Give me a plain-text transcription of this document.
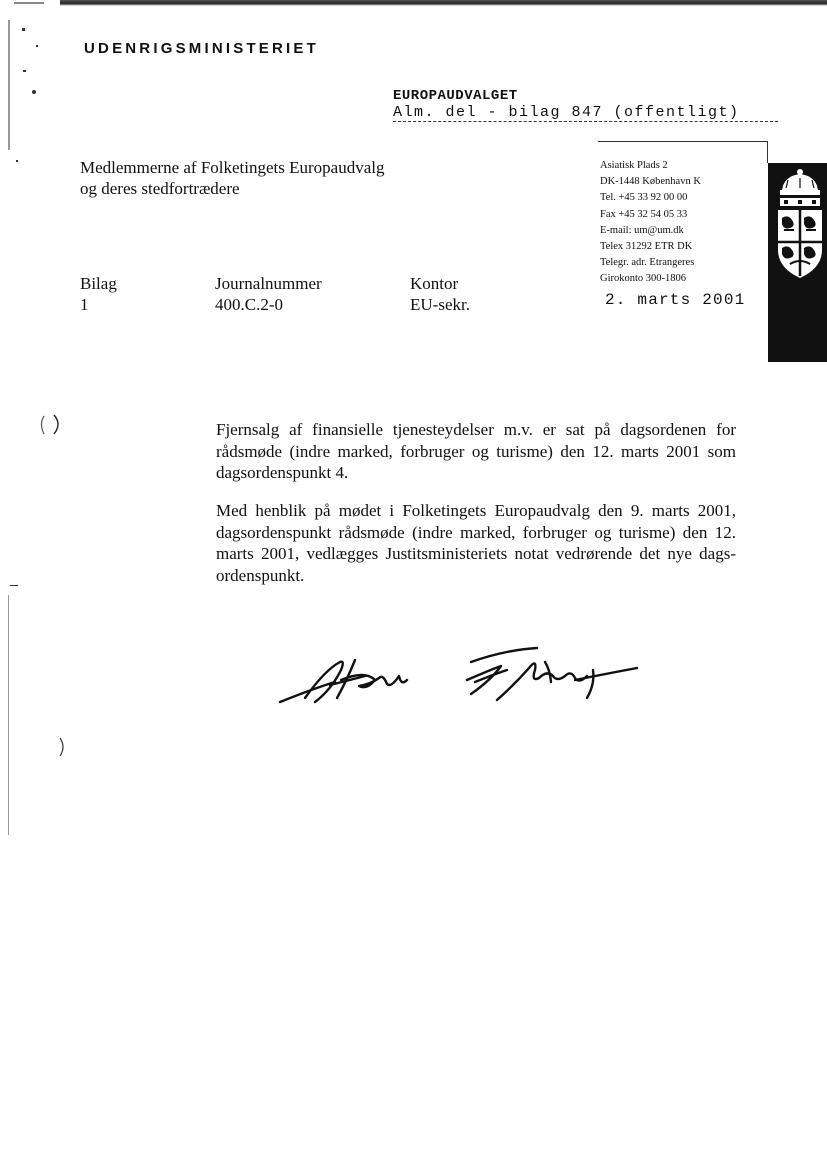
UDENRIGSMINISTERIET
EUROPAUDVALGET
Alm. del - bilag 847 (offentligt)
Medlemmerne af Folketingets Europaudvalg
og deres stedfortrædere
Asiatisk Plads 2
DK-1448 København K
Tel. +45 33 92 00 00
Fax +45 32 54 05 33
E-mail: um@um.dk
Telex 31292 ETR DK
Telegr. adr. Etrangeres
Girokonto 300-1806
Bilag
1
Journalnummer
400.C.2-0
Kontor
EU-sekr.	2. marts 2001
Fjernsalg af finansielle tjenesteydelser m.v. er sat på dagsordenen for
rådsmøde (indre marked, forbruger og turisme) den 12. marts 2001 som
dagsordenspunkt 4.
Med henblik på mødet i Folketingets Europaudvalg den 9. marts 2001,
dagsordenspunkt rådsmøde (indre marked, forbruger og turisme) den 12.
marts 2001, vedlægges Justitsministeriets notat vedrørende det nye dags-
ordenspunkt.
